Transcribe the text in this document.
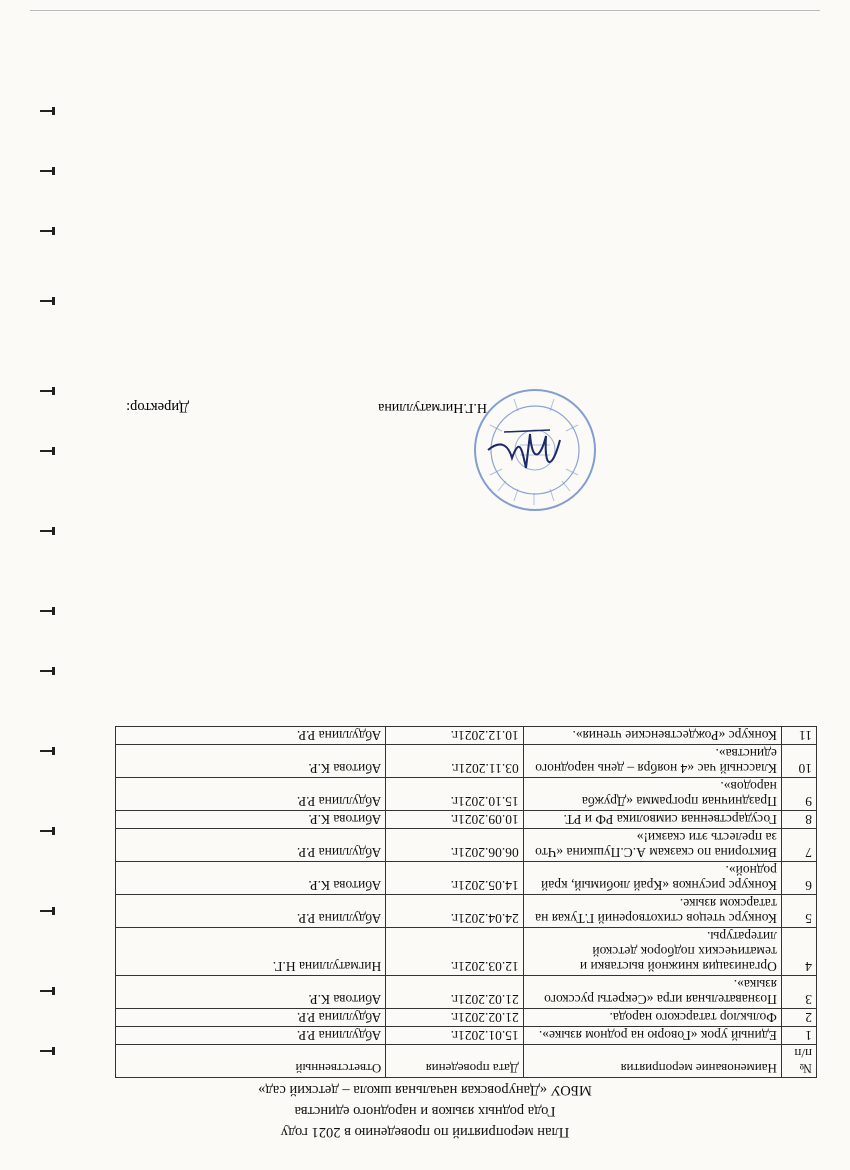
План мероприятий по проведению в 2021 году
Года родных языков и народного единства
МБОУ «Дануровская начальная школа – детский сад»
№ п/п	Наименование мероприятия	Дата проведения	Ответственный
1	Единый урок «Говорю на родном языке».	15.01.2021г.	Абдуллина Р.Р.
2	Фольклор татарского народа.	21.02.2021г.	Абдуллина Р.Р.
3	Познавательная игра «Секреты русского языка».	21.02.2021г.	Абитова К.Р.
4	Организация книжной выставки и тематических подборок детской литературы.	12.03.2021г.	Нигматуллина Н.Г.
5	Конкурс чтецов стихотворений Г.Тукая на татарском языке.	24.04.2021г.	Абдуллина Р.Р.
6	Конкурс рисунков «Край любимый, край родной».	14.05.2021г.	Абитова К.Р.
7	Викторина по сказкам А.С.Пушкина «Что за прелесть эти сказки!»	06.06.2021г.	Абдуллина Р.Р.
8	Государственная символика РФ и РТ.	10.09.2021г.	Абитова К.Р.
9	Праздничная программа «Дружба народов».	15.10.2021г.	Абдуллина Р.Р.
10	Классный час «4 ноября – день народного единства».	03.11.2021г.	Абитова К.Р.
11	Конкурс «Рождественские чтения».	10.12.2021г.	Абдуллина Р.Р.
Директор:	Н.Г.Нигматуллина
